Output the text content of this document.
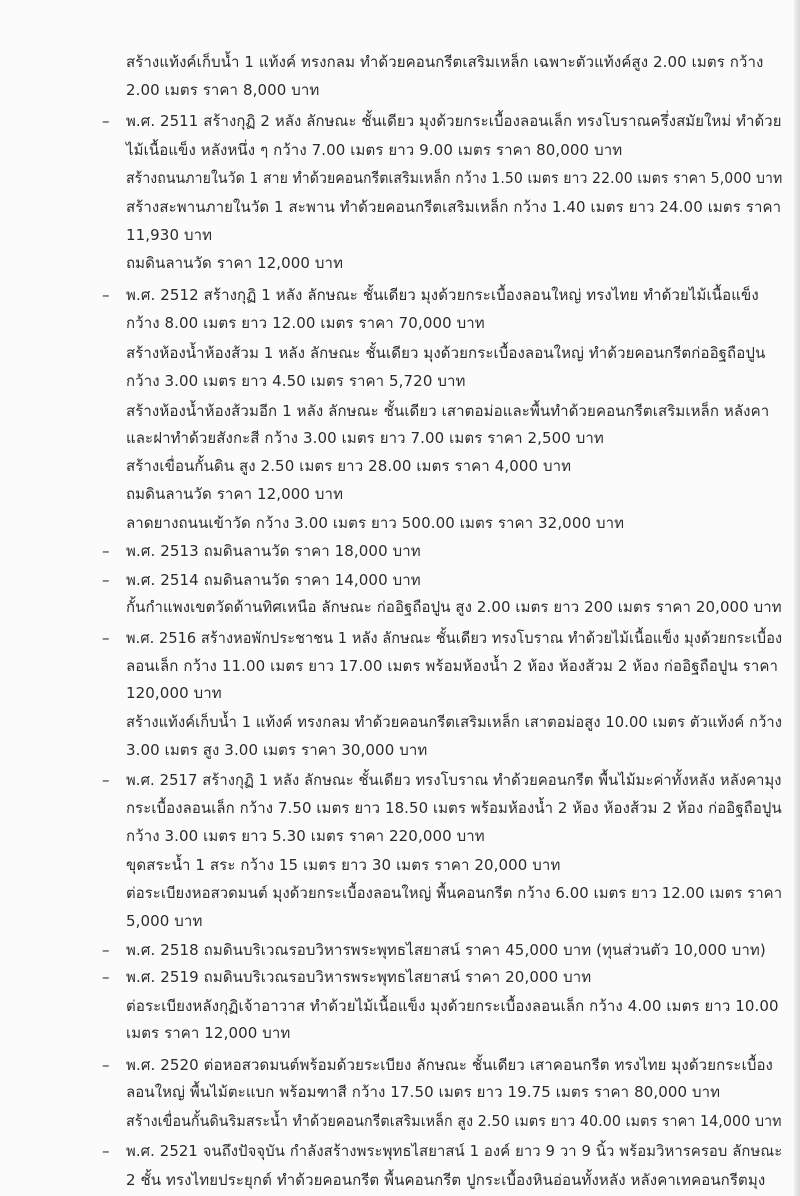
สร้างแท้งค์เก็บน้ำ 1 แท้งค์ ทรงกลม ทำด้วยคอนกรีตเสริมเหล็ก เฉพาะตัวแท้งค์สูง 2.00 เมตร กว้าง
2.00 เมตร ราคา 8,000 บาท
– พ.ศ. 2511 สร้างกุฏิ 2 หลัง ลักษณะ ชั้นเดียว มุงด้วยกระเบื้องลอนเล็ก ทรงโบราณครึ่งสมัยใหม่ ทำด้วย
ไม้เนื้อแข็ง หลังหนึ่ง ๆ กว้าง 7.00 เมตร ยาว 9.00 เมตร ราคา 80,000 บาท
สร้างถนนภายในวัด 1 สาย ทำด้วยคอนกรีตเสริมเหล็ก กว้าง 1.50 เมตร ยาว 22.00 เมตร ราคา 5,000 บาท
สร้างสะพานภายในวัด 1 สะพาน ทำด้วยคอนกรีตเสริมเหล็ก กว้าง 1.40 เมตร ยาว 24.00 เมตร ราคา
11,930 บาท
ถมดินลานวัด ราคา 12,000 บาท
– พ.ศ. 2512 สร้างกุฏิ 1 หลัง ลักษณะ ชั้นเดียว มุงด้วยกระเบื้องลอนใหญ่ ทรงไทย ทำด้วยไม้เนื้อแข็ง
กว้าง 8.00 เมตร ยาว 12.00 เมตร ราคา 70,000 บาท
สร้างห้องน้ำห้องส้วม 1 หลัง ลักษณะ ชั้นเดียว มุงด้วยกระเบื้องลอนใหญ่ ทำด้วยคอนกรีตก่ออิฐถือปูน
กว้าง 3.00 เมตร ยาว 4.50 เมตร ราคา 5,720 บาท
สร้างห้องน้ำห้องส้วมอีก 1 หลัง ลักษณะ ชั้นเดียว เสาตอม่อและพื้นทำด้วยคอนกรีตเสริมเหล็ก หลังคา
และฝาทำด้วยสังกะสี กว้าง 3.00 เมตร ยาว 7.00 เมตร ราคา 2,500 บาท
สร้างเขื่อนกั้นดิน สูง 2.50 เมตร ยาว 28.00 เมตร ราคา 4,000 บาท
ถมดินลานวัด ราคา 12,000 บาท
ลาดยางถนนเข้าวัด กว้าง 3.00 เมตร ยาว 500.00 เมตร ราคา 32,000 บาท
– พ.ศ. 2513 ถมดินลานวัด ราคา 18,000 บาท
– พ.ศ. 2514 ถมดินลานวัด ราคา 14,000 บาท
กั้นกำแพงเขตวัดด้านทิศเหนือ ลักษณะ ก่ออิฐถือปูน สูง 2.00 เมตร ยาว 200 เมตร ราคา 20,000 บาท
– พ.ศ. 2516 สร้างหอพักประชาชน 1 หลัง ลักษณะ ชั้นเดียว ทรงโบราณ ทำด้วยไม้เนื้อแข็ง มุงด้วยกระเบื้อง
ลอนเล็ก กว้าง 11.00 เมตร ยาว 17.00 เมตร พร้อมห้องน้ำ 2 ห้อง ห้องส้วม 2 ห้อง ก่ออิฐถือปูน ราคา
120,000 บาท
สร้างแท้งค์เก็บน้ำ 1 แท้งค์ ทรงกลม ทำด้วยคอนกรีตเสริมเหล็ก เสาตอม่อสูง 10.00 เมตร ตัวแท้งค์ กว้าง
3.00 เมตร สูง 3.00 เมตร ราคา 30,000 บาท
– พ.ศ. 2517 สร้างกุฏิ 1 หลัง ลักษณะ ชั้นเดียว ทรงโบราณ ทำด้วยคอนกรีต พื้นไม้มะค่าทั้งหลัง หลังคามุง
กระเบื้องลอนเล็ก กว้าง 7.50 เมตร ยาว 18.50 เมตร พร้อมห้องน้ำ 2 ห้อง ห้องส้วม 2 ห้อง ก่ออิฐถือปูน
กว้าง 3.00 เมตร ยาว 5.30 เมตร ราคา 220,000 บาท
ขุดสระน้ำ 1 สระ กว้าง 15 เมตร ยาว 30 เมตร ราคา 20,000 บาท
ต่อระเบียงหอสวดมนต์ มุงด้วยกระเบื้องลอนใหญ่ พื้นคอนกรีต กว้าง 6.00 เมตร ยาว 12.00 เมตร ราคา
5,000 บาท
– พ.ศ. 2518 ถมดินบริเวณรอบวิหารพระพุทธไสยาสน์ ราคา 45,000 บาท (ทุนส่วนตัว 10,000 บาท)
– พ.ศ. 2519 ถมดินบริเวณรอบวิหารพระพุทธไสยาสน์ ราคา 20,000 บาท
ต่อระเบียงหลังกุฏิเจ้าอาวาส ทำด้วยไม้เนื้อแข็ง มุงด้วยกระเบื้องลอนเล็ก กว้าง 4.00 เมตร ยาว 10.00
เมตร ราคา 12,000 บาท
– พ.ศ. 2520 ต่อหอสวดมนต์พร้อมด้วยระเบียง ลักษณะ ชั้นเดียว เสาคอนกรีต ทรงไทย มุงด้วยกระเบื้อง
ลอนใหญ่ พื้นไม้ตะแบก พร้อมฑาสี กว้าง 17.50 เมตร ยาว 19.75 เมตร ราคา 80,000 บาท
สร้างเขื่อนกั้นดินริมสระน้ำ ทำด้วยคอนกรีตเสริมเหล็ก สูง 2.50 เมตร ยาว 40.00 เมตร ราคา 14,000 บาท
– พ.ศ. 2521 จนถึงปัจจุบัน กำลังสร้างพระพุทธไสยาสน์ 1 องค์ ยาว 9 วา 9 นิ้ว พร้อมวิหารครอบ ลักษณะ
2 ชั้น ทรงไทยประยุกต์ ทำด้วยคอนกรีต พื้นคอนกรีต ปูกระเบื้องหินอ่อนทั้งหลัง หลังคาเทคอนกรีตมุง
